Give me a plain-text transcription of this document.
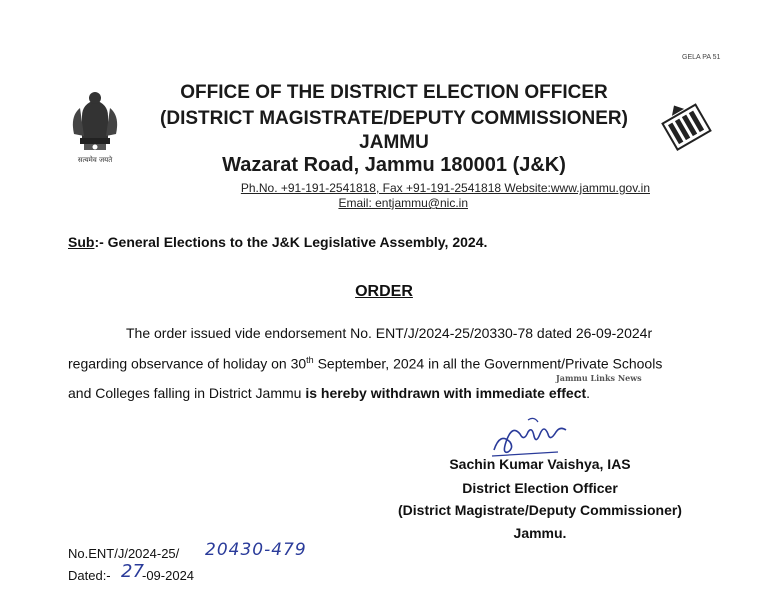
GELA PA 51
सत्यमेव जयते
OFFICE OF THE DISTRICT ELECTION OFFICER
(DISTRICT MAGISTRATE/DEPUTY COMMISSIONER)
JAMMU
Wazarat Road, Jammu 180001 (J&K)
Ph.No. +91-191-2541818, Fax +91-191-2541818 Website:www.jammu.gov.in
Email: entjammu@nic.in
Sub:- General Elections to the J&K Legislative Assembly, 2024.
ORDER
The order issued vide endorsement No. ENT/J/2024-25/20330-78 dated 26-09-2024r
regarding observance of holiday on 30th September, 2024 in all the Government/Private Schools
Jammu Links News
and Colleges falling in District Jammu is hereby withdrawn with immediate effect.
Sachin Kumar Vaishya, IAS
District Election Officer
(District Magistrate/Deputy Commissioner)
Jammu.
No.ENT/J/2024-25/ 20430-479
Dated:- 27
-09-2024
